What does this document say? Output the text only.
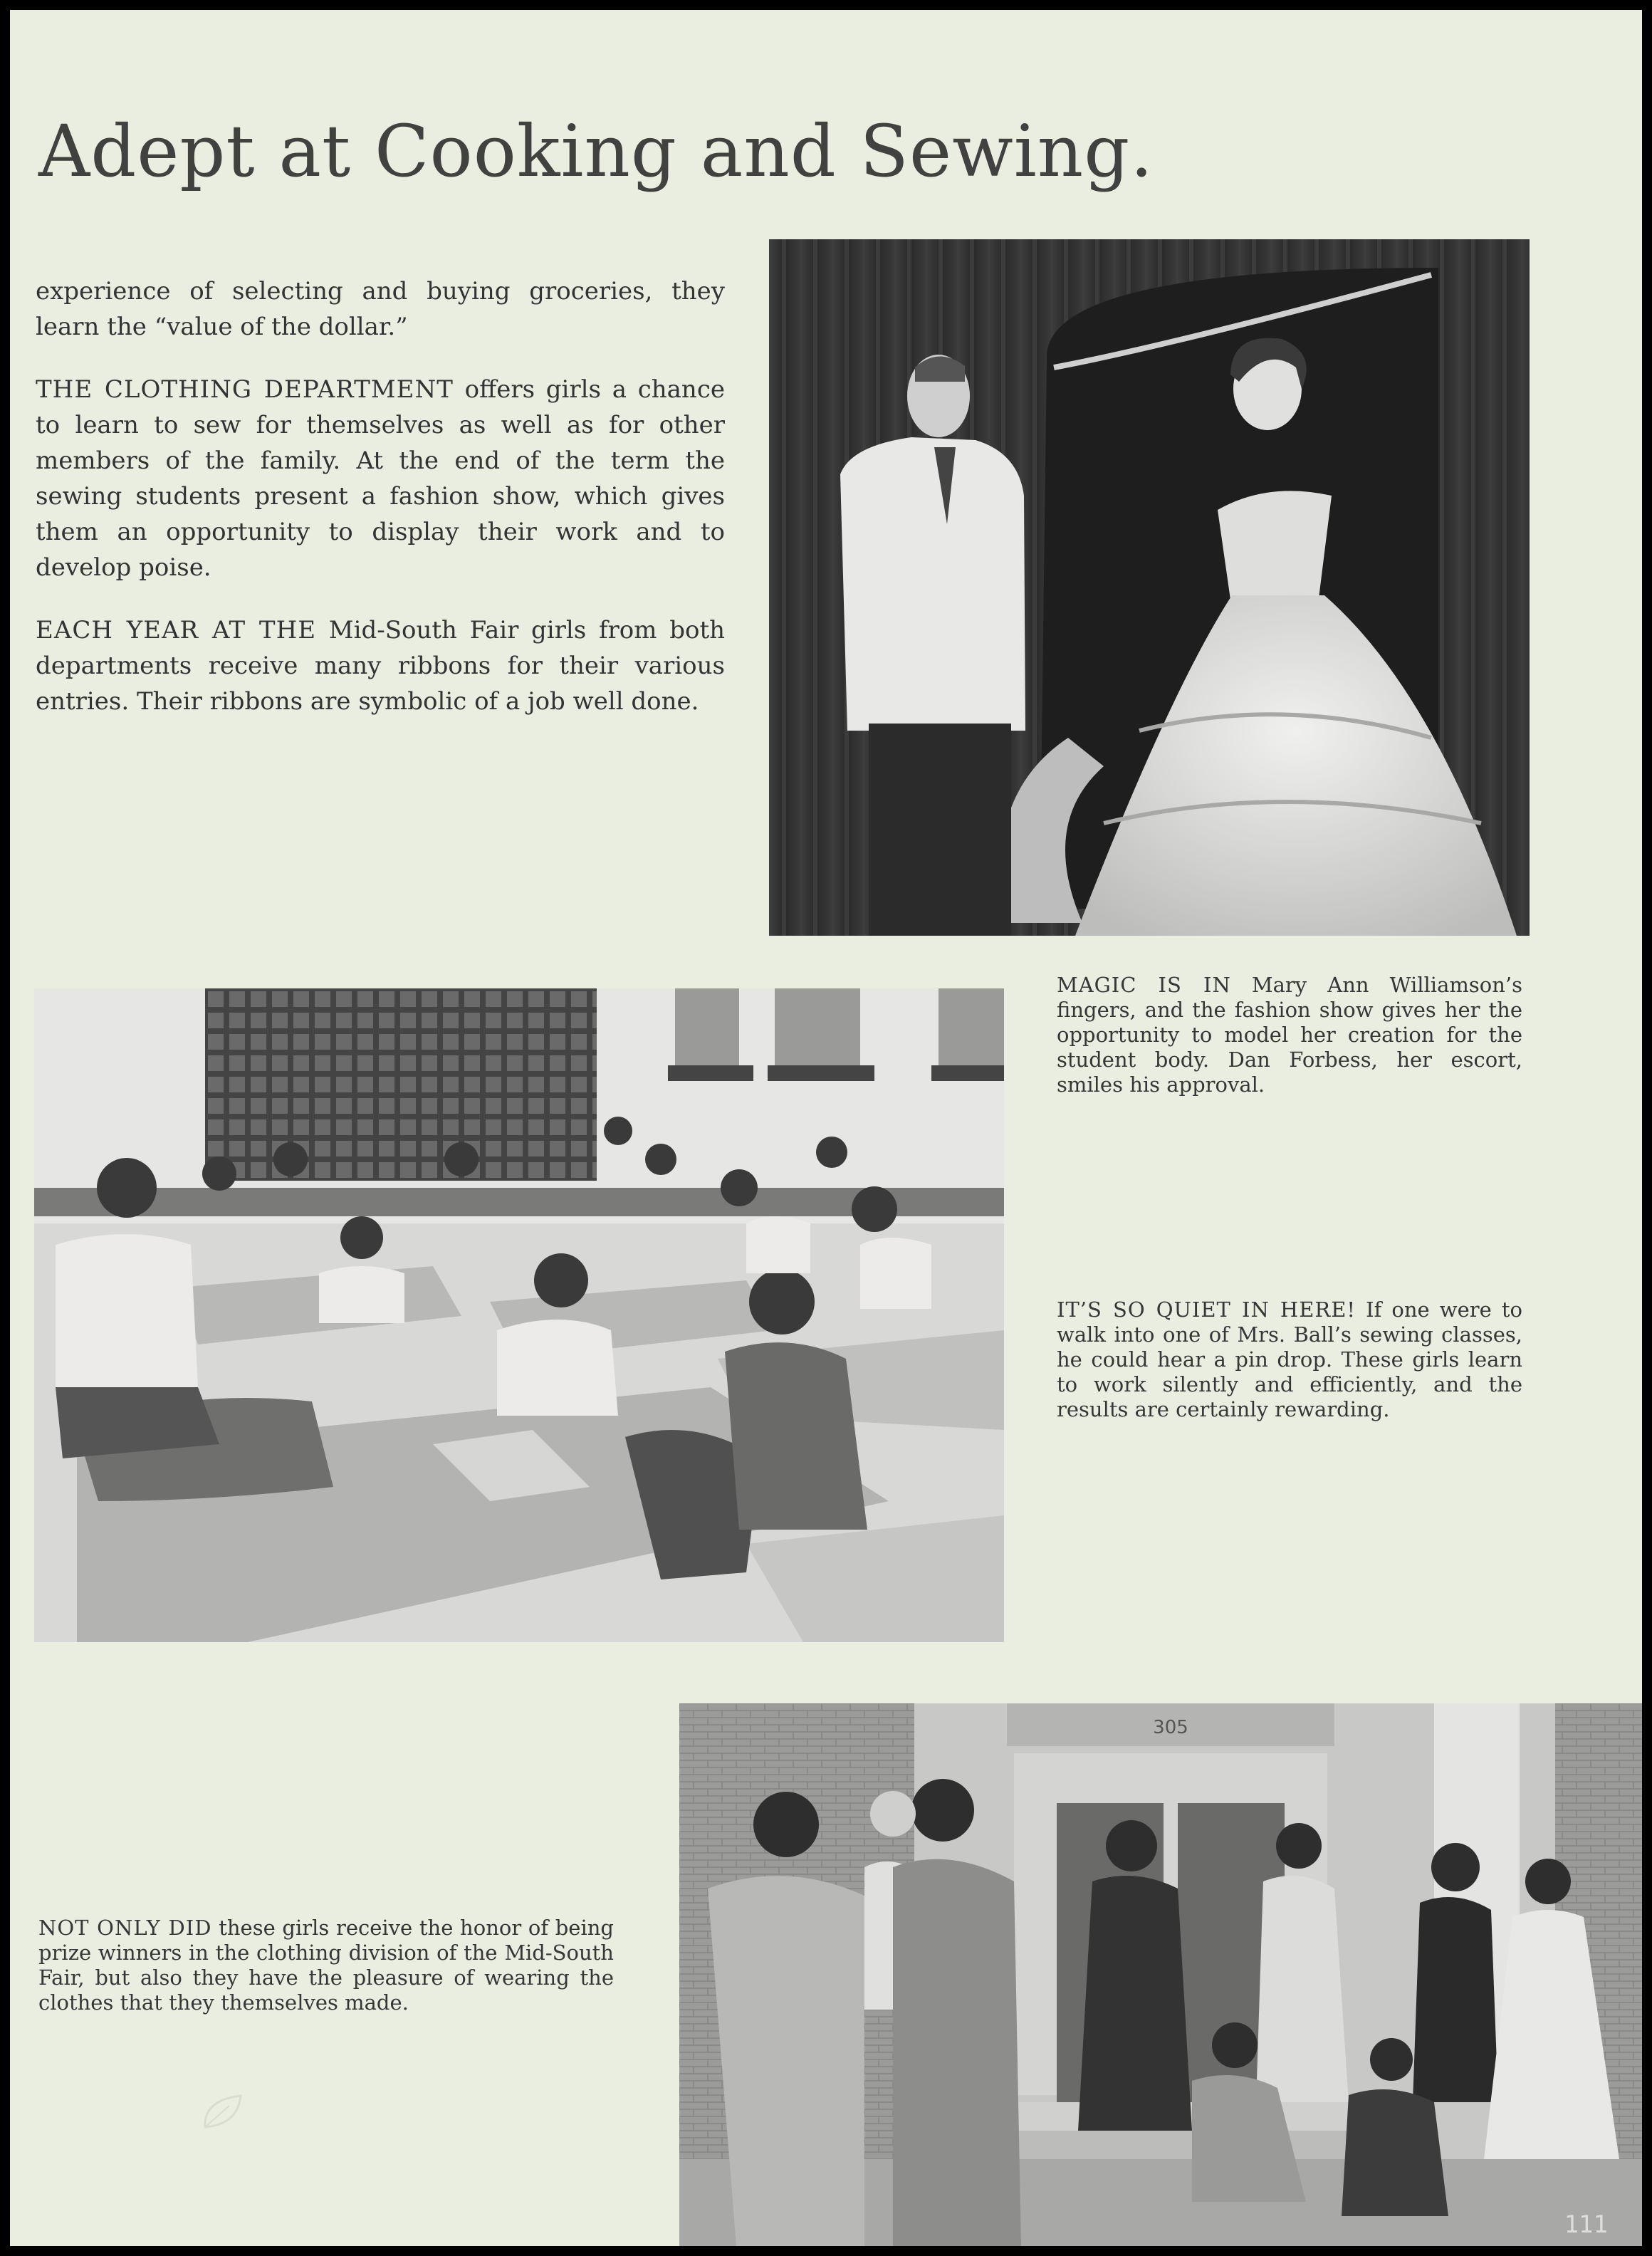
Adept at Cooking and Sewing.

experience of selecting and buying groceries, they learn the “value of the dollar.”

THE CLOTHING DEPARTMENT offers girls a chance to learn to sew for themselves as well as for other members of the family. At the end of the term the sewing students present a fashion show, which gives them an opportunity to display their work and to develop poise.

EACH YEAR AT THE Mid-South Fair girls from both departments receive many ribbons for their various entries. Their ribbons are symbolic of a job well done.

MAGIC IS IN Mary Ann Williamson’s fingers, and the fashion show gives her the opportunity to model her creation for the student body. Dan Forbess, her escort, smiles his approval.
IT’S SO QUIET IN HERE! If one were to walk into one of Mrs. Ball’s sewing classes, he could hear a pin drop. These girls learn to work silently and efficiently, and the results are certainly rewarding.
305
NOT ONLY DID these girls receive the honor of being prize winners in the clothing division of the Mid-South Fair, but also they have the pleasure of wearing the clothes that they themselves made.
111
